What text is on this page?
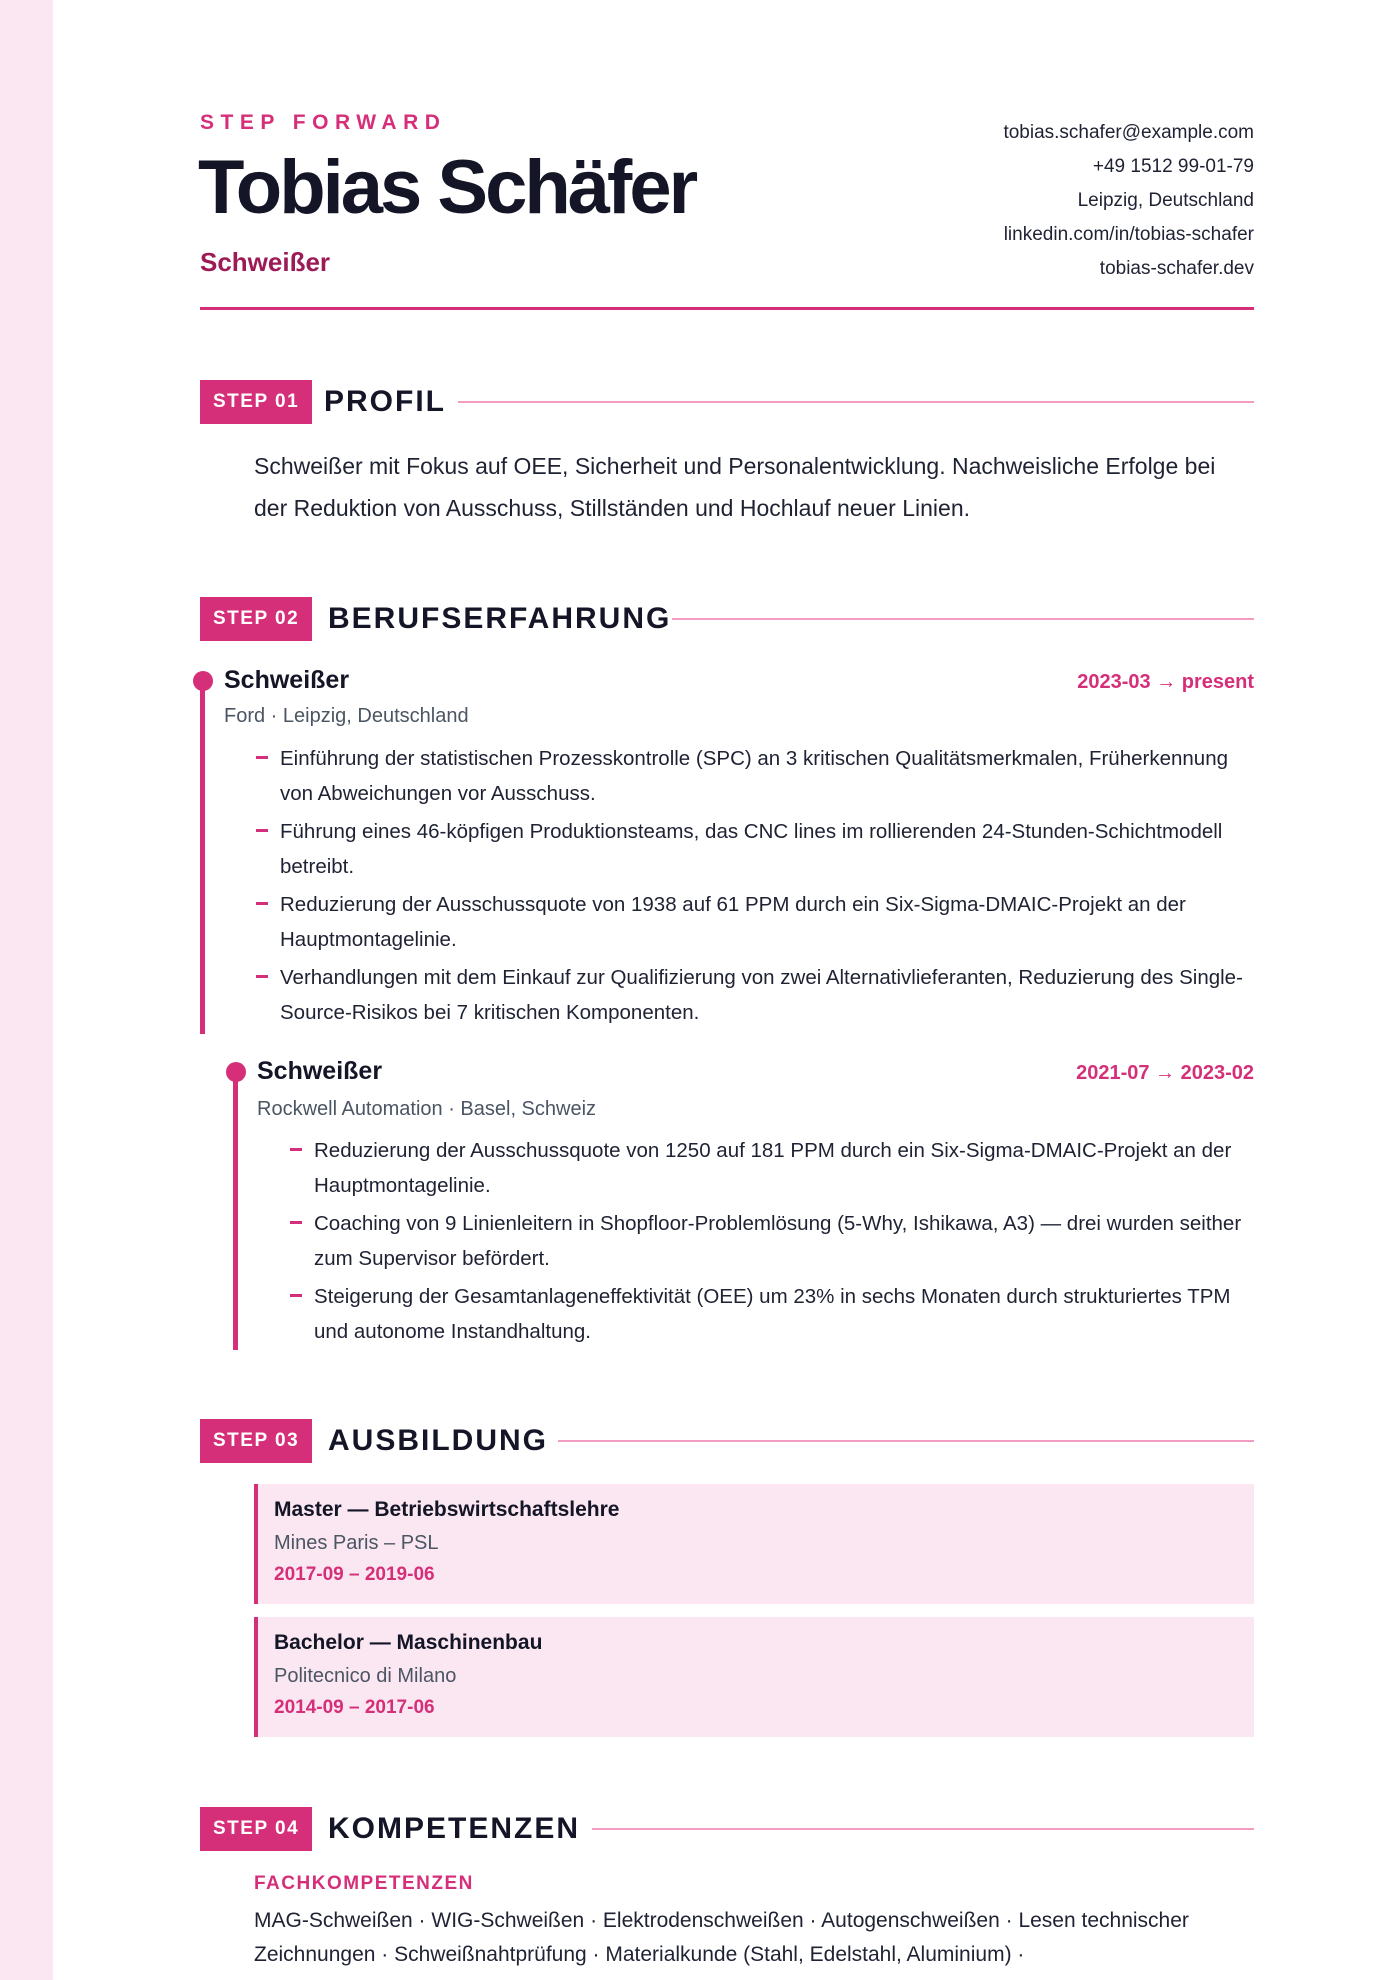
STEP FORWARD
Tobias Schäfer
Schweißer
tobias.schafer@example.com
+49 1512 99-01-79
Leipzig, Deutschland
linkedin.com/in/tobias-schafer
tobias-schafer.dev
STEP 01 PROFIL
Schweißer mit Fokus auf OEE, Sicherheit und Personalentwicklung. Nachweisliche Erfolge bei der Reduktion von Ausschuss, Stillständen und Hochlauf neuer Linien.
STEP 02 BERUFSERFAHRUNG
Schweißer	2023-03 → present
Ford · Leipzig, Deutschland
Einführung der statistischen Prozesskontrolle (SPC) an 3 kritischen Qualitätsmerkmalen, Früherkennung von Abweichungen vor Ausschuss.
Führung eines 46-köpfigen Produktionsteams, das CNC lines im rollierenden 24-Stunden-Schichtmodell betreibt.
Reduzierung der Ausschussquote von 1938 auf 61 PPM durch ein Six-Sigma-DMAIC-Projekt an der Hauptmontagelinie.
Verhandlungen mit dem Einkauf zur Qualifizierung von zwei Alternativlieferanten, Reduzierung des Single-Source-Risikos bei 7 kritischen Komponenten.
Schweißer	2021-07 → 2023-02
Rockwell Automation · Basel, Schweiz
Reduzierung der Ausschussquote von 1250 auf 181 PPM durch ein Six-Sigma-DMAIC-Projekt an der Hauptmontagelinie.
Coaching von 9 Linienleitern in Shopfloor-Problemlösung (5-Why, Ishikawa, A3) — drei wurden seither zum Supervisor befördert.
Steigerung der Gesamtanlageneffektivität (OEE) um 23% in sechs Monaten durch strukturiertes TPM und autonome Instandhaltung.
STEP 03 AUSBILDUNG
Master — Betriebswirtschaftslehre
Mines Paris – PSL
2017-09 – 2019-06
Bachelor — Maschinenbau
Politecnico di Milano
2014-09 – 2017-06
STEP 04 KOMPETENZEN
FACHKOMPETENZEN
MAG-Schweißen · WIG-Schweißen · Elektrodenschweißen · Autogenschweißen · Lesen technischer Zeichnungen · Schweißnahtprüfung · Materialkunde (Stahl, Edelstahl, Aluminium) ·
